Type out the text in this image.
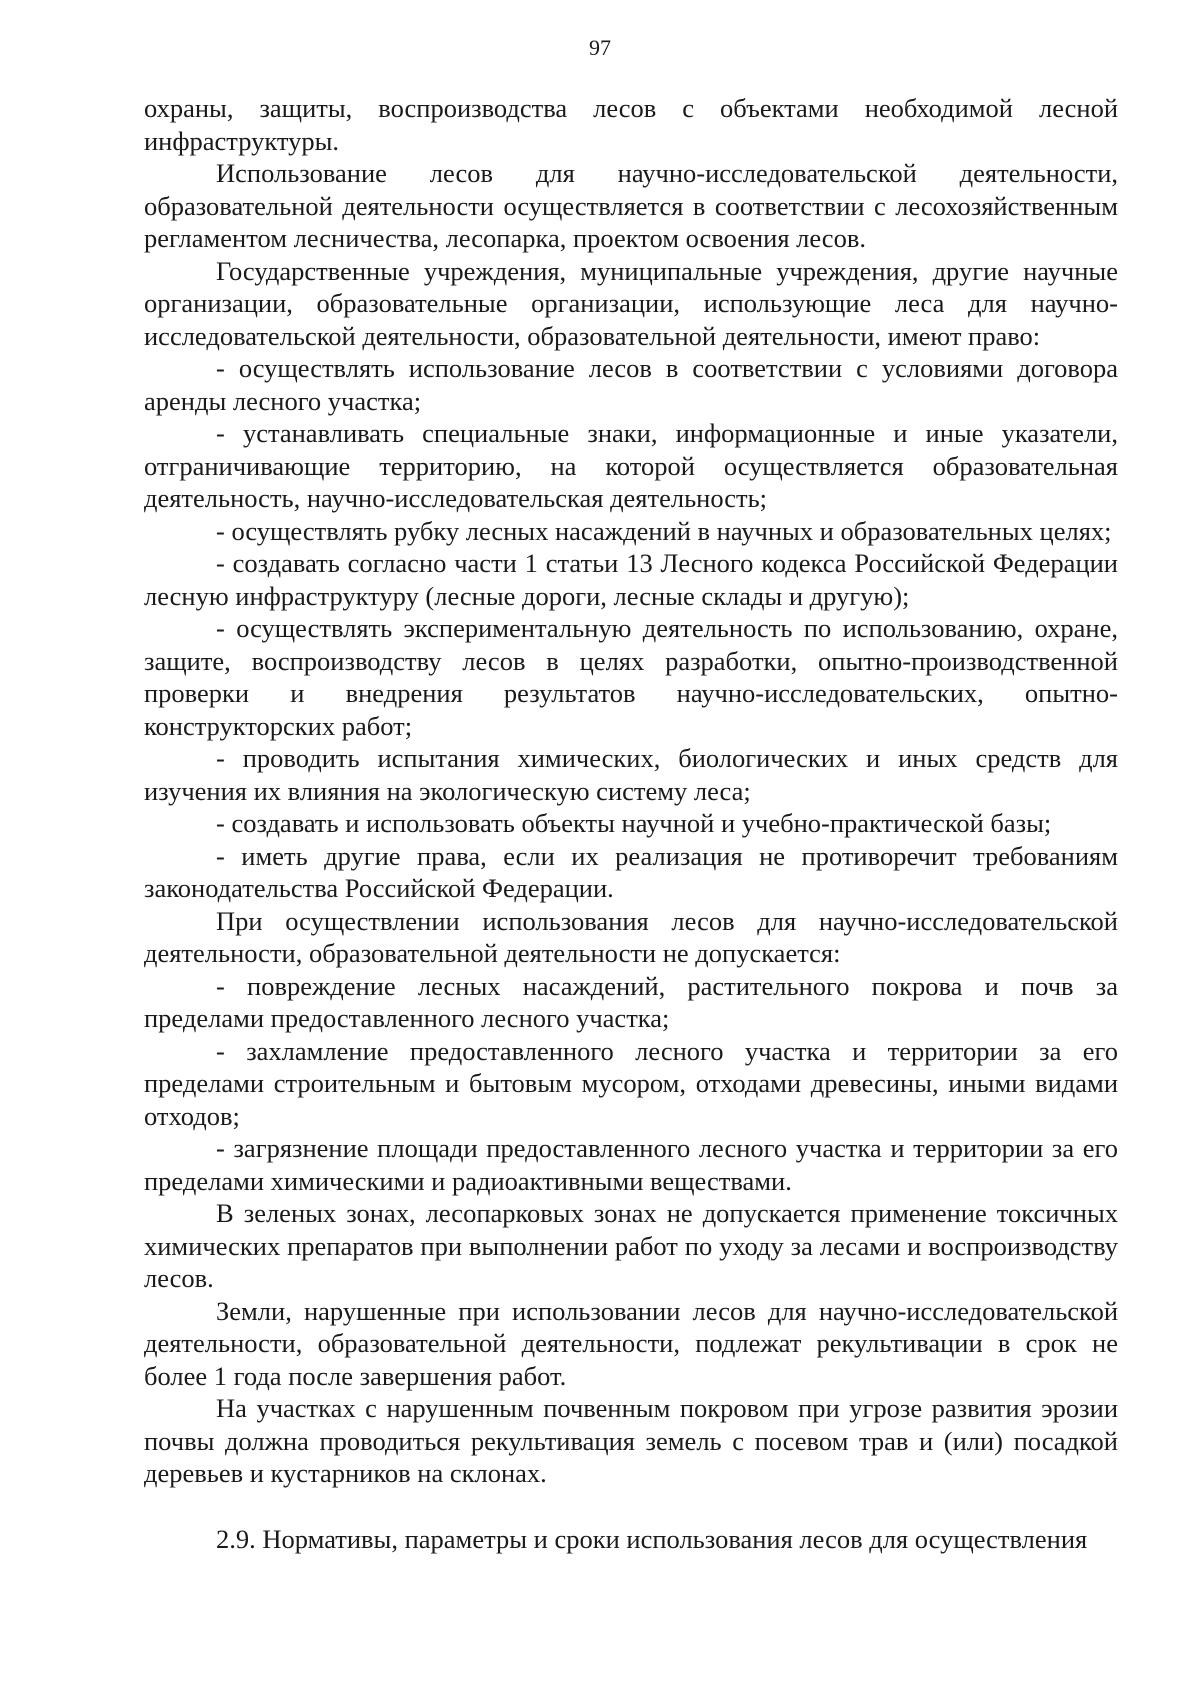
97

охраны, защиты, воспроизводства лесов с объектами необходимой лесной инфраструктуры.

Использование лесов для научно-исследовательской деятельности, образовательной деятельности осуществляется в соответствии с лесохозяйственным регламентом лесничества, лесопарка, проектом освоения лесов.

Государственные учреждения, муниципальные учреждения, другие научные организации, образовательные организации, использующие леса для научно-исследовательской деятельности, образовательной деятельности, имеют право:

- осуществлять использование лесов в соответствии с условиями договора аренды лесного участка;

- устанавливать специальные знаки, информационные и иные указатели, отграничивающие территорию, на которой осуществляется образовательная деятельность, научно-исследовательская деятельность;

- осуществлять рубку лесных насаждений в научных и образовательных целях;

- создавать согласно части 1 статьи 13 Лесного кодекса Российской Федерации лесную инфраструктуру (лесные дороги, лесные склады и другую);

- осуществлять экспериментальную деятельность по использованию, охране, защите, воспроизводству лесов в целях разработки, опытно-производственной проверки и внедрения результатов научно-исследовательских, опытно-конструкторских работ;

- проводить испытания химических, биологических и иных средств для изучения их влияния на экологическую систему леса;

- создавать и использовать объекты научной и учебно-практической базы;

- иметь другие права, если их реализация не противоречит требованиям законодательства Российской Федерации.

При осуществлении использования лесов для научно-исследовательской деятельности, образовательной деятельности не допускается:

- повреждение лесных насаждений, растительного покрова и почв за пределами предоставленного лесного участка;

- захламление предоставленного лесного участка и территории за его пределами строительным и бытовым мусором, отходами древесины, иными видами отходов;

- загрязнение площади предоставленного лесного участка и территории за его пределами химическими и радиоактивными веществами.

В зеленых зонах, лесопарковых зонах не допускается применение токсичных химических препаратов при выполнении работ по уходу за лесами и воспроизводству лесов.

Земли, нарушенные при использовании лесов для научно-исследовательской деятельности, образовательной деятельности, подлежат рекультивации в срок не более 1 года после завершения работ.

На участках с нарушенным почвенным покровом при угрозе развития эрозии почвы должна проводиться рекультивация земель с посевом трав и (или) посадкой деревьев и кустарников на склонах.

2.9. Нормативы, параметры и сроки использования лесов для осуществления
